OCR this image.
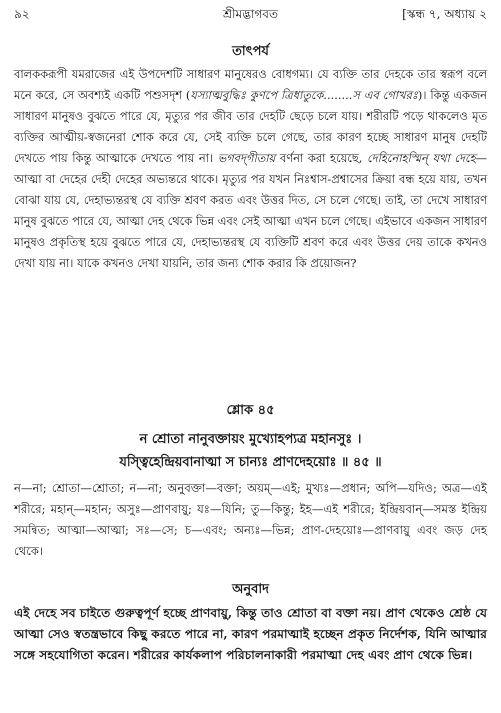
৯২	শ্রীমদ্ভাগবত	[স্কন্ধ ৭, অধ্যায় ২
তাৎপর্য

বালককরূপী যমরাজের এই উপদেশটি সাধারণ মানুষেরও বোধগম্য। যে ব্যক্তি তার দেহকে তার স্বরূপ বলে মনে করে, সে অবশ্যই একটি পশুসদৃশ (যস্যাত্মবুদ্ধিঃ কুণপে ত্রিধাতুকে........স এব গোখরঃ)। কিন্তু একজন সাধারণ মানুষও বুঝতে পারে যে, মৃত্যুর পর জীব তার দেহটি ছেড়ে চলে যায়। শরীরটি পড়ে থাকলেও মৃত ব্যক্তির আত্মীয়-স্বজনেরা শোক করে যে, সেই ব্যক্তি চলে গেছে, তার কারণ হচ্ছে সাধারণ মানুষ দেহটি দেখতে পায় কিন্তু আত্মাকে দেখতে পায় না। ভগবদ্‌গীতায় বর্ণনা করা হয়েছে, দেহিনোহস্মিন্ যথা দেহে—আত্মা বা দেহের দেহী দেহের অভ্যন্তরে থাকে। মৃত্যুর পর যখন নিঃশ্বাস-প্রশ্বাসের ক্রিয়া বন্ধ হয়ে যায়, তখন বোঝা যায় যে, দেহাভ্যন্তরস্থ যে ব্যক্তি শ্রবণ করত এবং উত্তর দিত, সে চলে গেছে। তাই, তা দেখে সাধারণ মানুষ বুঝতে পারে যে, আত্মা দেহ থেকে ভিন্ন এবং সেই আত্মা এখন চলে গেছে। এইভাবে একজন সাধারণ মানুষও প্রকৃতিস্থ হয়ে বুঝতে পারে যে, দেহাভ্যন্তরস্থ যে ব্যক্তিটি শ্রবণ করে এবং উত্তর দেয় তাকে কখনও দেখা যায় না। যাকে কখনও দেখা যায়নি, তার জন্য শোক করার কি প্রয়োজন?

শ্লোক ৪৫
ন শ্রোতা নানুবক্তায়ং মুখ্যোহপ্যত্র মহানসুঃ ।
যস্ত্বিহেন্দ্রিয়বানাত্মা স চান্যঃ প্রাণদেহয়োঃ ॥ ৪৫ ॥

ন—না; শ্রোতা—শ্রোতা; ন—না; অনুবক্তা—বক্তা; অয়ম্—এই; মুখ্যঃ—প্রধান; অপি—যদিও; অত্র—এই শরীরে; মহান্—মহান; অসুঃ—প্রাণবায়ু; যঃ—যিনি; তু—কিন্তু; ইহ—এই শরীরে; ইন্দ্রিয়বান্—সমস্ত ইন্দ্রিয় সমন্বিত; আত্মা—আত্মা; সঃ—সে; চ—এবং; অন্যঃ—ভিন্ন; প্রাণ-দেহয়োঃ—প্রাণবায়ু এবং জড় দেহ থেকে।

অনুবাদ

এই দেহে সব চাইতে গুরুত্বপূর্ণ হচ্ছে প্রাণবায়ু, কিন্তু তাও শ্রোতা বা বক্তা নয়। প্রাণ থেকেও শ্রেষ্ঠ যে আত্মা সেও স্বতন্ত্রভাবে কিছু করতে পারে না, কারণ পরমাত্মাই হচ্ছেন প্রকৃত নির্দেশক, যিনি আত্মার সঙ্গে সহযোগিতা করেন। শরীরের কার্যকলাপ পরিচালনাকারী পরমাত্মা দেহ এবং প্রাণ থেকে ভিন্ন।
